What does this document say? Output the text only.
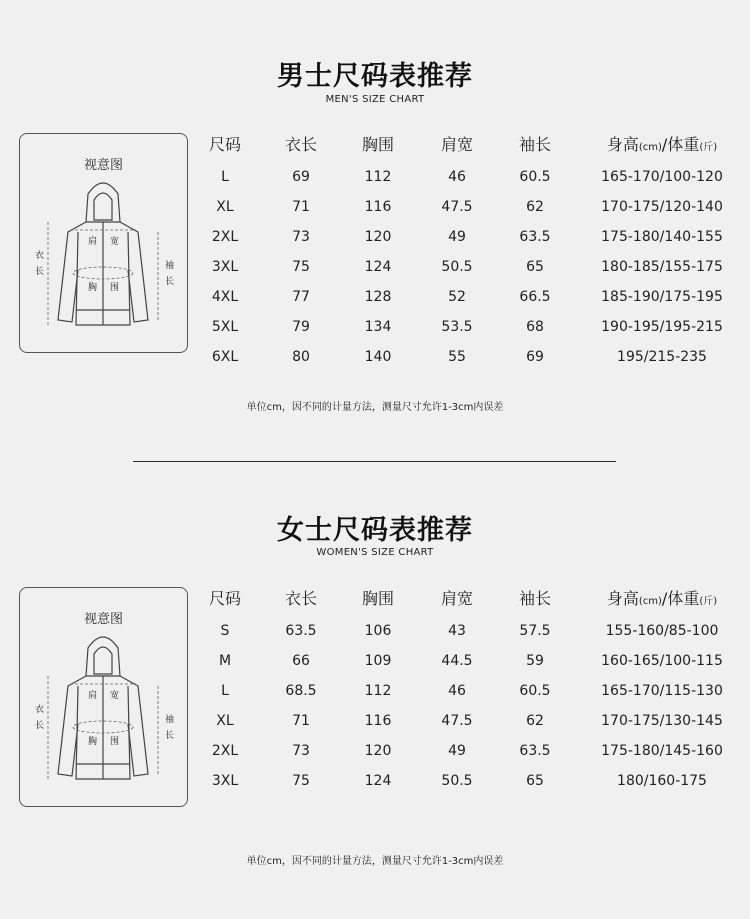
男士尺码表推荐
MEN'S SIZE CHART
视意图
衣
长
肩 宽
胸 围
袖
长
尺码	衣长	胸围	肩宽	袖长	身高(cm)/体重(斤)
L	69	112	46	60.5	165-170/100-120
XL	71	116	47.5	62	170-175/120-140
2XL	73	120	49	63.5	175-180/140-155
3XL	75	124	50.5	65	180-185/155-175
4XL	77	128	52	66.5	185-190/175-195
5XL	79	134	53.5	68	190-195/195-215
6XL	80	140	55	69	195/215-235
单位cm，因不同的计量方法，测量尺寸允许1-3cm内误差
女士尺码表推荐
WOMEN'S SIZE CHART
视意图
衣
长
肩 宽
胸 围
袖
长
尺码	衣长	胸围	肩宽	袖长	身高(cm)/体重(斤)
S	63.5	106	43	57.5	155-160/85-100
M	66	109	44.5	59	160-165/100-115
L	68.5	112	46	60.5	165-170/115-130
XL	71	116	47.5	62	170-175/130-145
2XL	73	120	49	63.5	175-180/145-160
3XL	75	124	50.5	65	180/160-175
单位cm，因不同的计量方法，测量尺寸允许1-3cm内误差
